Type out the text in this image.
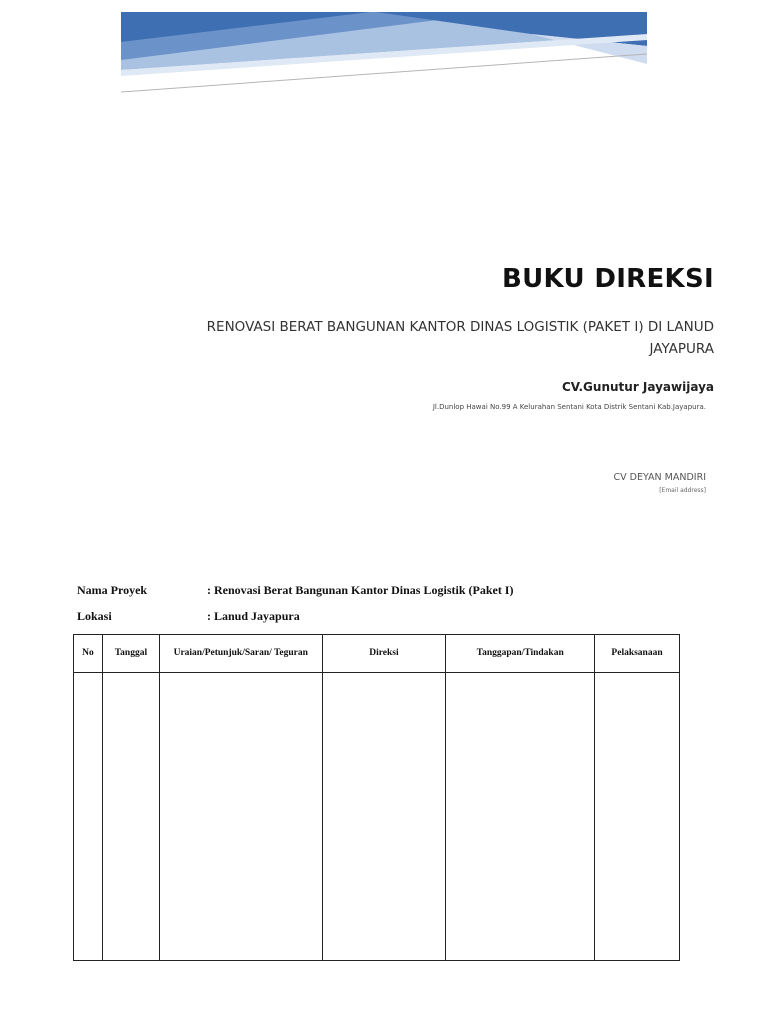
BUKU DIREKSI
RENOVASI BERAT BANGUNAN KANTOR DINAS LOGISTIK (PAKET I) DI LANUD JAYAPURA
CV.Gunutur Jayawijaya
Jl.Dunlop Hawai No.99 A Kelurahan Sentani Kota Distrik Sentani Kab.Jayapura.
CV DEYAN MANDIRI
[Email address]
Nama Proyek	: Renovasi Berat Bangunan Kantor Dinas Logistik (Paket I)
Lokasi	: Lanud Jayapura
No	Tanggal	Uraian/Petunjuk/Saran/ Teguran	Direksi	Tanggapan/Tindakan	Pelaksanaan
